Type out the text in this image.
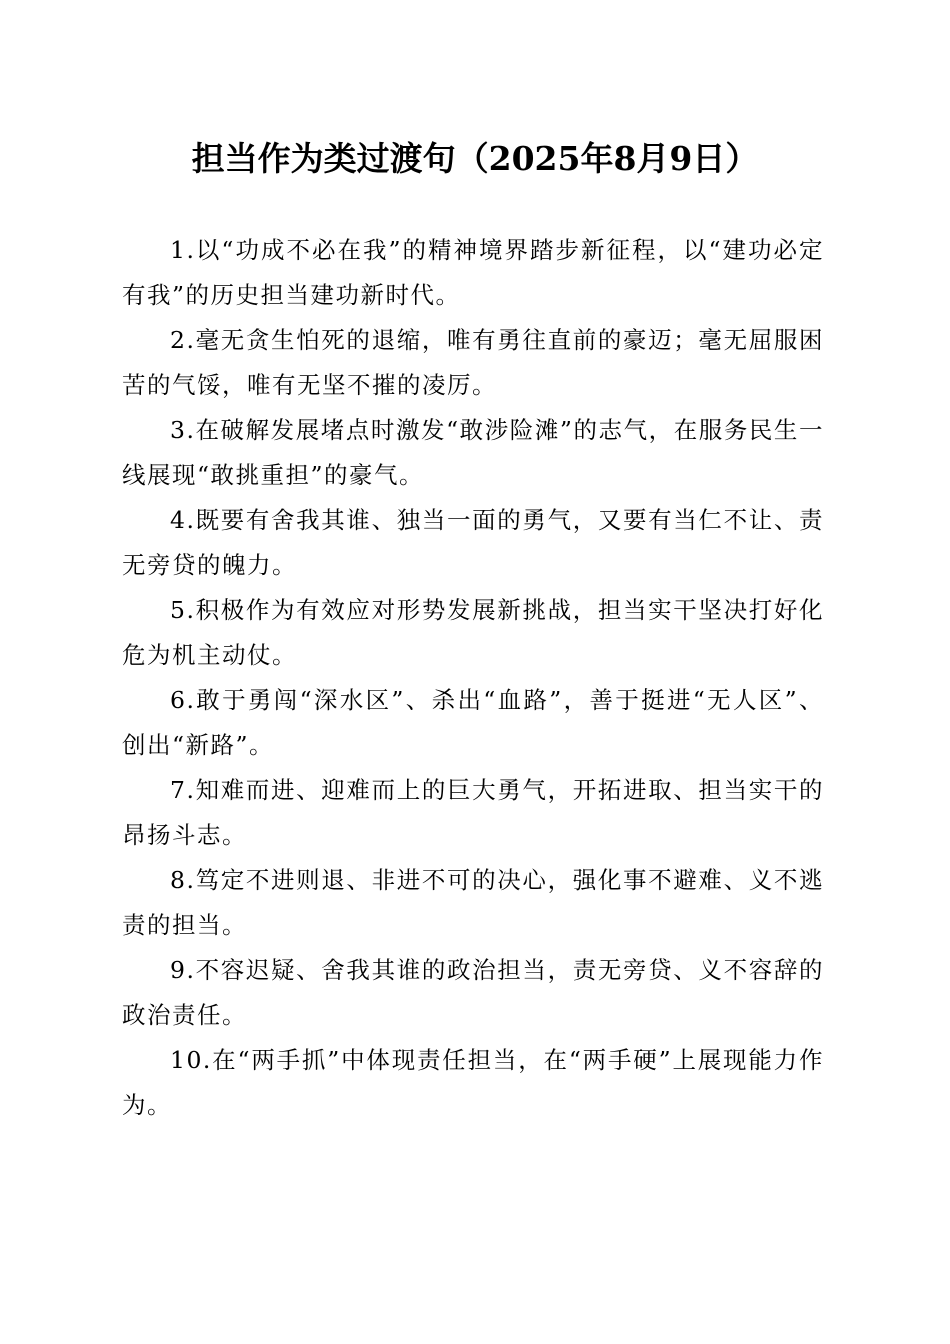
担当作为类过渡句（2025年8月9日）

1.以“功成不必在我”的精神境界踏步新征程，以“建功必定有我”的历史担当建功新时代。

2.毫无贪生怕死的退缩，唯有勇往直前的豪迈；毫无屈服困苦的气馁，唯有无坚不摧的凌厉。

3.在破解发展堵点时激发“敢涉险滩”的志气，在服务民生一线展现“敢挑重担”的豪气。

4.既要有舍我其谁、独当一面的勇气，又要有当仁不让、责无旁贷的魄力。

5.积极作为有效应对形势发展新挑战，担当实干坚决打好化危为机主动仗。

6.敢于勇闯“深水区”、杀出“血路”，善于挺进“无人区”、创出“新路”。

7.知难而进、迎难而上的巨大勇气，开拓进取、担当实干的昂扬斗志。

8.笃定不进则退、非进不可的决心，强化事不避难、义不逃责的担当。

9.不容迟疑、舍我其谁的政治担当，责无旁贷、义不容辞的政治责任。

10.在“两手抓”中体现责任担当，在“两手硬”上展现能力作为。
